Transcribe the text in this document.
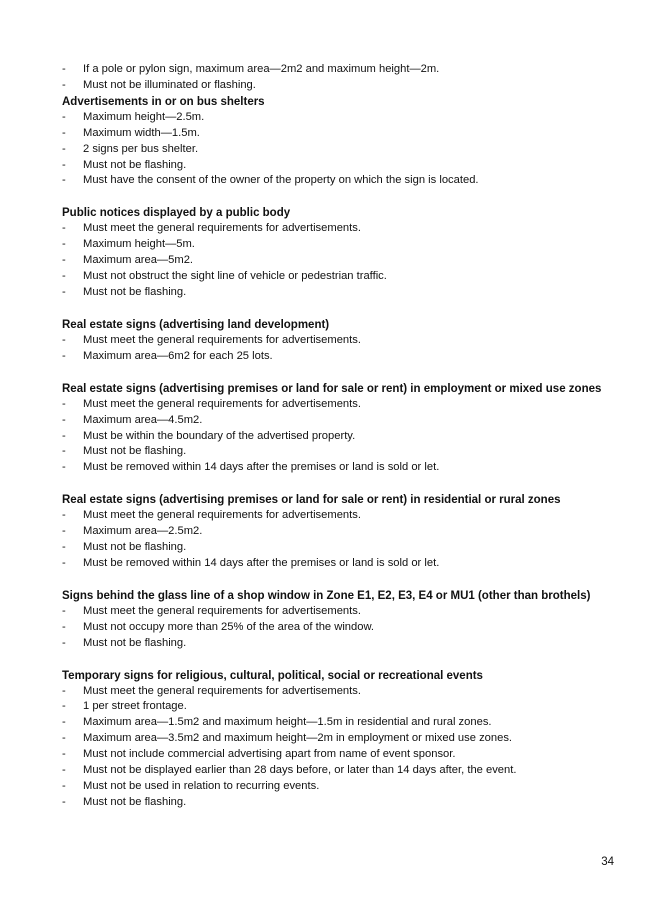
- If a pole or pylon sign, maximum area—2m2 and maximum height—2m.
- Must not be illuminated or flashing.

Advertisements in or on bus shelters

- Maximum height—2.5m.
- Maximum width—1.5m.
- 2 signs per bus shelter.
- Must not be flashing.
- Must have the consent of the owner of the property on which the sign is located.

Public notices displayed by a public body

- Must meet the general requirements for advertisements.
- Maximum height—5m.
- Maximum area—5m2.
- Must not obstruct the sight line of vehicle or pedestrian traffic.
- Must not be flashing.

Real estate signs (advertising land development)

- Must meet the general requirements for advertisements.
- Maximum area—6m2 for each 25 lots.

Real estate signs (advertising premises or land for sale or rent) in employment or mixed use zones

- Must meet the general requirements for advertisements.
- Maximum area—4.5m2.
- Must be within the boundary of the advertised property.
- Must not be flashing.
- Must be removed within 14 days after the premises or land is sold or let.

Real estate signs (advertising premises or land for sale or rent) in residential or rural zones

- Must meet the general requirements for advertisements.
- Maximum area—2.5m2.
- Must not be flashing.
- Must be removed within 14 days after the premises or land is sold or let.

Signs behind the glass line of a shop window in Zone E1, E2, E3, E4 or MU1 (other than brothels)

- Must meet the general requirements for advertisements.
- Must not occupy more than 25% of the area of the window.
- Must not be flashing.

Temporary signs for religious, cultural, political, social or recreational events

- Must meet the general requirements for advertisements.
- 1 per street frontage.
- Maximum area—1.5m2 and maximum height—1.5m in residential and rural zones.
- Maximum area—3.5m2 and maximum height—2m in employment or mixed use zones.
- Must not include commercial advertising apart from name of event sponsor.
- Must not be displayed earlier than 28 days before, or later than 14 days after, the event.
- Must not be used in relation to recurring events.
- Must not be flashing.
34
